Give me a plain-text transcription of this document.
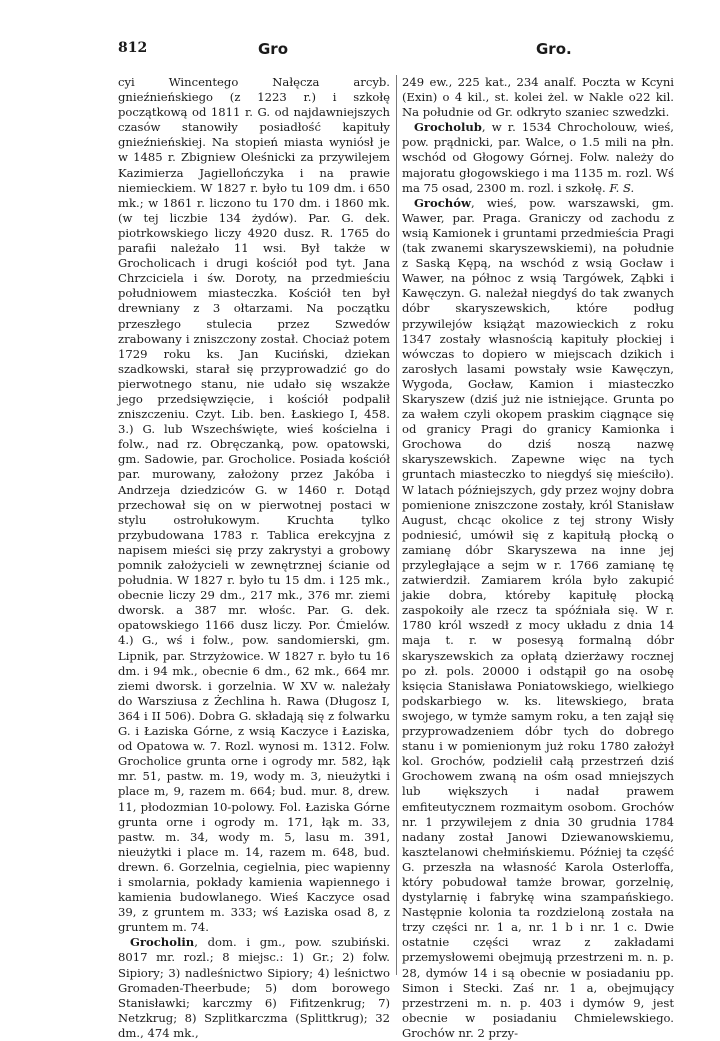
812	Gro	Gro.

cyi Wincentego Nałęcza arcyb. gnieźnieńskiego (z 1223 r.) i szkołę początkową od 1811 r. G. od najdawniejszych czasów stanowiły posiadłość kapituły gnieźnieńskiej. Na stopień miasta wyniósł je w 1485 r. Zbigniew Oleśnicki za przywilejem Kazimierza Jagiellończyka i na prawie niemieckiem. W 1827 r. było tu 109 dm. i 650 mk.; w 1861 r. liczono tu 170 dm. i 1860 mk. (w tej liczbie 134 żydów). Par. G. dek. piotrkowskiego liczy 4920 dusz. R. 1765 do parafii należało 11 wsi. Był także w Grocholicach i drugi kościół pod tyt. Jana Chrzciciela i św. Doroty, na przedmieściu południowem miasteczka. Kościół ten był drewniany z 3 ołtarzami. Na początku przeszłego stulecia przez Szwedów zrabowany i zniszczony został. Chociaż potem 1729 roku ks. Jan Kuciński, dziekan szadkowski, starał się przyprowadzić go do pierwotnego stanu, nie udało się wszakże jego przedsięwzięcie, i kościół podpalił zniszczeniu. Czyt. Lib. ben. Łaskiego I, 458. 3.) G. lub Wszechświęte, wieś kościelna i folw., nad rz. Obręczanką, pow. opatowski, gm. Sadowie, par. Grocholice. Posiada kościół par. murowany, założony przez Jakóba i Andrzeja dziedziców G. w 1460 r. Dotąd przechował się on w pierwotnej postaci w stylu ostrołukowym. Kruchta tylko przybudowana 1783 r. Tablica erekcyjna z napisem mieści się przy zakrystyi a grobowy pomnik założycieli w zewnętrznej ścianie od południa. W 1827 r. było tu 15 dm. i 125 mk., obecnie liczy 29 dm., 217 mk., 376 mr. ziemi dworsk. a 387 mr. włośc. Par. G. dek. opatowskiego 1166 dusz liczy. Por. Ćmielów. 4.) G., wś i folw., pow. sandomierski, gm. Lipnik, par. Strzyżowice. W 1827 r. było tu 16 dm. i 94 mk., obecnie 6 dm., 62 mk., 664 mr. ziemi dworsk. i gorzelnia. W XV w. należały do Warsziusa z Żechlina h. Rawa (Długosz I, 364 i II 506). Dobra G. składają się z folwarku G. i Łaziska Górne, z wsią Kaczyce i Łaziska, od Opatowa w. 7. Rozl. wynosi m. 1312. Folw. Grocholice grunta orne i ogrody mr. 582, łąk mr. 51, pastw. m. 19, wody m. 3, nieużytki i place m, 9, razem m. 664; bud. mur. 8, drew. 11, płodozmian 10-polowy. Fol. Łaziska Górne grunta orne i ogrody m. 171, łąk m. 33, pastw. m. 34, wody m. 5, lasu m. 391, nieużytki i place m. 14, razem m. 648, bud. drewn. 6. Gorzelnia, cegielnia, piec wapienny i smolarnia, pokłady kamienia wapiennego i kamienia budowlanego. Wieś Kaczyce osad 39, z gruntem m. 333; wś Łaziska osad 8, z gruntem m. 74.

Grocholin, dom. i gm., pow. szubiński. 8017 mr. rozl.; 8 miejsc.: 1) Gr.; 2) folw. Sipiory; 3) nadleśnictwo Sipiory; 4) leśnictwo Gromaden-Theerbude; 5) dom borowego Stanisławki; karczmy 6) Fifitzenkrug; 7) Netzkrug; 8) Szplitkarczma (Splittkrug); 32 dm., 474 mk.,

249 ew., 225 kat., 234 analf. Poczta w Kcyni (Exin) o 4 kil., st. kolei żel. w Nakle o22 kil. Na południe od Gr. odkryto szaniec szwedzki.

Grocholub, w r. 1534 Chrocholouw, wieś, pow. prądnicki, par. Walce, o 1.5 mili na płn. wschód od Głogowy Górnej. Folw. należy do majoratu głogowskiego i ma 1135 m. rozl. Wś ma 75 osad, 2300 m. rozl. i szkołę. F. S.

Grochów, wieś, pow. warszawski, gm. Wawer, par. Praga. Graniczy od zachodu z wsią Kamionek i gruntami przedmieścia Pragi (tak zwanemi skaryszewskiemi), na południe z Saską Kępą, na wschód z wsią Gocław i Wawer, na północ z wsią Targówek, Ząbki i Kawęczyn. G. należał niegdyś do tak zwanych dóbr skaryszewskich, które podług przywilejów książąt mazowieckich z roku 1347 zostały własnością kapituły płockiej i wówczas to dopiero w miejscach dzikich i zarosłych lasami powstały wsie Kawęczyn, Wygoda, Gocław, Kamion i miasteczko Skaryszew (dziś już nie istniejące. Grunta po za wałem czyli okopem praskim ciągnące się od granicy Pragi do granicy Kamionka i Grochowa do dziś noszą nazwę skaryszewskich. Zapewne więc na tych gruntach miasteczko to niegdyś się mieściło). W latach późniejszych, gdy przez wojny dobra pomienione zniszczone zostały, król Stanisław August, chcąc okolice z tej strony Wisły podniesić, umówił się z kapitułą płocką o zamianę dóbr Skaryszewa na inne jej przyległające a sejm w r. 1766 zamianę tę zatwierdził. Zamiarem króla było zakupić jakie dobra, któreby kapitułę płocką zaspokoiły ale rzecz ta spóźniała się. W r. 1780 król wszedł z mocy układu z dnia 14 maja t. r. w posesyą formalną dóbr skaryszewskich za opłatą dzierżawy rocznej po zł. pols. 20000 i odstąpił go na osobę księcia Stanisława Poniatowskiego, wielkiego podskarbiego w. ks. litewskiego, brata swojego, w tymże samym roku, a ten zajął się przyprowadzeniem dóbr tych do dobrego stanu i w pomienionym już roku 1780 założył kol. Grochów, podzielił całą przestrzeń dziś Grochowem zwaną na ośm osad mniejszych lub większych i nadał prawem emfiteutycznem rozmaitym osobom. Grochów nr. 1 przywilejem z dnia 30 grudnia 1784 nadany został Janowi Dziewanowskiemu, kasztelanowi chełmińskiemu. Później ta część G. przeszła na własność Karola Osterloffa, który pobudował tamże browar, gorzelnię, dystylarnię i fabrykę wina szampańskiego. Następnie kolonia ta rozdzieloną została na trzy części nr. 1 a, nr. 1 b i nr. 1 c. Dwie ostatnie części wraz z zakładami przemysłowemi obejmują przestrzeni m. n. p. 28, dymów 14 i są obecnie w posiadaniu pp. Simon i Stecki. Zaś nr. 1 a, obejmujący przestrzeni m. n. p. 403 i dymów 9, jest obecnie w posiadaniu Chmielewskiego. Grochów nr. 2 przy-
